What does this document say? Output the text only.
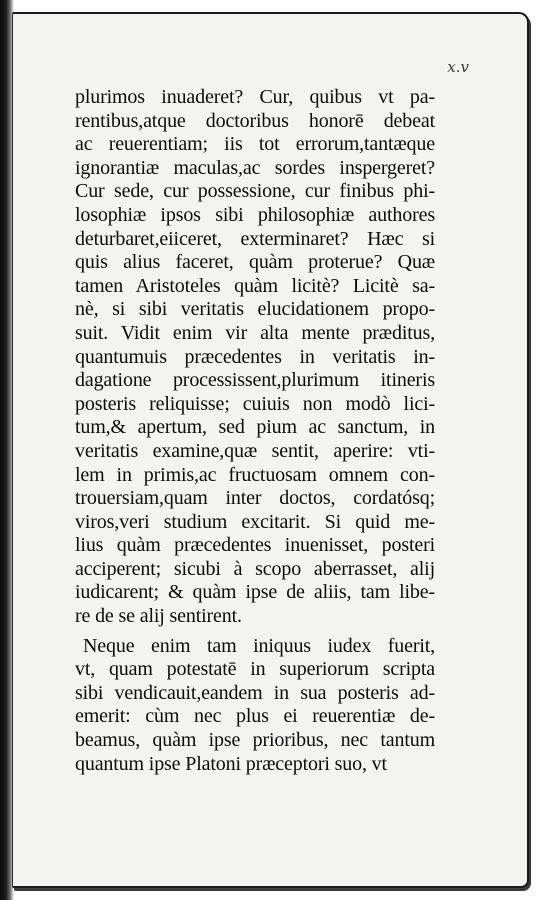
x.v
plurimos inuaderet? Cur, quibus vt pa-
rentibus,atque doctoribus honorē debeat
ac reuerentiam; iis tot errorum,tantæque
ignorantiæ maculas,ac sordes inspergeret?
Cur sede, cur possessione, cur finibus phi-
losophiæ ipsos sibi philosophiæ authores
deturbaret,eiiceret, exterminaret? Hæc si
quis alius faceret, quàm proterue? Quæ
tamen Aristoteles quàm licitè? Licitè sa-
nè, si sibi veritatis elucidationem propo-
suit. Vidit enim vir alta mente præditus,
quantumuis præcedentes in veritatis in-
dagatione processissent,plurimum itineris
posteris reliquisse; cuiuis non modò lici-
tum,& apertum, sed pium ac sanctum, in
veritatis examine,quæ sentit, aperire: vti-
lem in primis,ac fructuosam omnem con-
trouersiam,quam inter doctos, cordatósq;
viros,veri studium excitarit. Si quid me-
lius quàm præcedentes inuenisset, posteri
acciperent; sicubi à scopo aberrasset, alij
iudicarent; & quàm ipse de aliis, tam libe-
re de se alij sentirent.
Neque enim tam iniquus iudex fuerit,
vt, quam potestatē in superiorum scripta
sibi vendicauit,eandem in sua posteris ad-
emerit: cùm nec plus ei reuerentiæ de-
beamus, quàm ipse prioribus, nec tantum
quantum ipse Platoni præceptori suo, vt
